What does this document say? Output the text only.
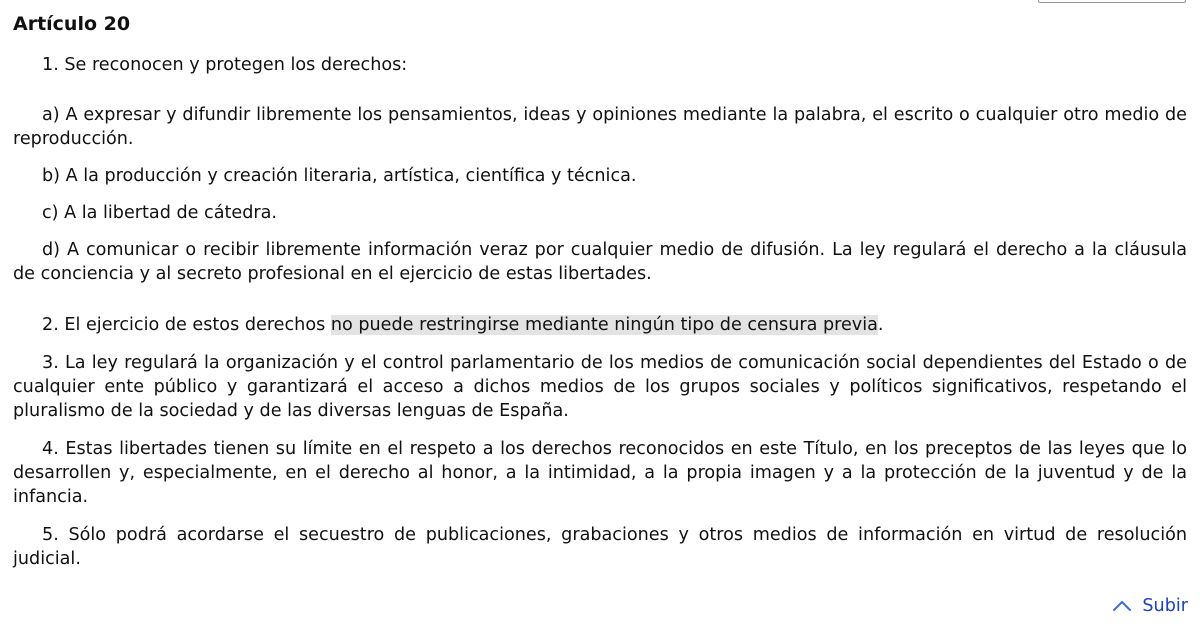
Artículo 20

1. Se reconocen y protegen los derechos:

a) A expresar y difundir libremente los pensamientos, ideas y opiniones mediante la palabra, el escrito o cualquier otro medio de reproducción.

b) A la producción y creación literaria, artística, científica y técnica.

c) A la libertad de cátedra.

d) A comunicar o recibir libremente información veraz por cualquier medio de difusión. La ley regulará el derecho a la cláusula de conciencia y al secreto profesional en el ejercicio de estas libertades.

2. El ejercicio de estos derechos no puede restringirse mediante ningún tipo de censura previa.

3. La ley regulará la organización y el control parlamentario de los medios de comunicación social dependientes del Estado o de cualquier ente público y garantizará el acceso a dichos medios de los grupos sociales y políticos significativos, respetando el pluralismo de la sociedad y de las diversas lenguas de España.

4. Estas libertades tienen su límite en el respeto a los derechos reconocidos en este Título, en los preceptos de las leyes que lo desarrollen y, especialmente, en el derecho al honor, a la intimidad, a la propia imagen y a la protección de la juventud y de la infancia.

5. Sólo podrá acordarse el secuestro de publicaciones, grabaciones y otros medios de información en virtud de resolución judicial.

Subir
